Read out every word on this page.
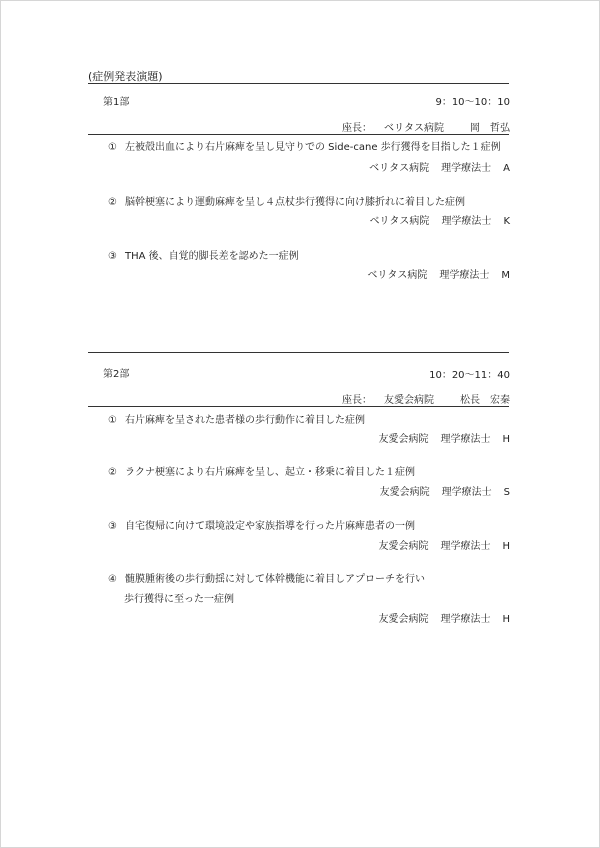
(症例発表演題)
第1部	9：10〜10：10
座長： ベリタス病院	岡　哲弘
① 左被殻出血により右片麻痺を呈し見守りでの Side-cane 歩行獲得を目指した１症例
ベリタス病院 理学療法士 A
② 脳幹梗塞により運動麻痺を呈し４点杖歩行獲得に向け膝折れに着目した症例
ベリタス病院 理学療法士 K
③ THA 後、自覚的脚長差を認めた一症例
ベリタス病院 理学療法士 M
第2部	10：20〜11：40
座長： 友愛会病院	松長　宏秦
① 右片麻痺を呈された患者様の歩行動作に着目した症例
友愛会病院 理学療法士 H
② ラクナ梗塞により右片麻痺を呈し、起立・移乗に着目した１症例
友愛会病院 理学療法士 S
③ 自宅復帰に向けて環境設定や家族指導を行った片麻痺患者の一例
友愛会病院 理学療法士 H
④ 髄膜腫術後の歩行動揺に対して体幹機能に着目しアプローチを行い
歩行獲得に至った一症例
友愛会病院 理学療法士 H
